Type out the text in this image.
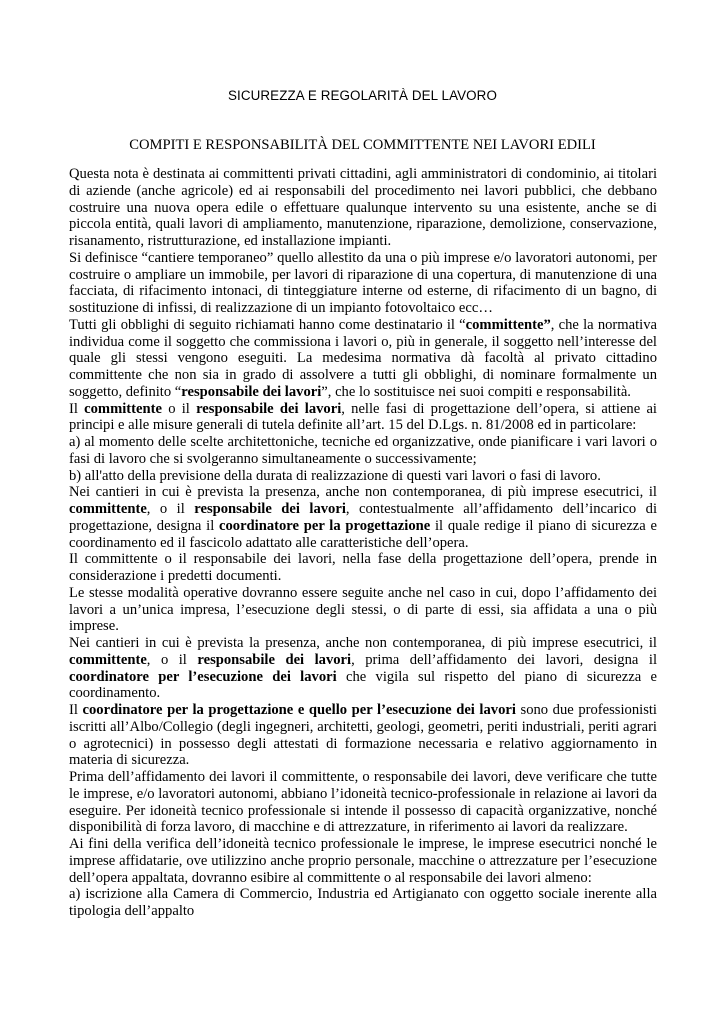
SICUREZZA E REGOLARITÀ DEL LAVORO
COMPITI E RESPONSABILITÀ DEL COMMITTENTE NEI LAVORI EDILI

Questa nota è destinata ai committenti privati cittadini, agli amministratori di condominio, ai titolari di aziende (anche agricole) ed ai responsabili del procedimento nei lavori pubblici, che debbano costruire una nuova opera edile o effettuare qualunque intervento su una esistente, anche se di piccola entità, quali lavori di ampliamento, manutenzione, riparazione, demolizione, conservazione, risanamento, ristrutturazione, ed installazione impianti.

Si definisce “cantiere temporaneo” quello allestito da una o più imprese e/o lavoratori autonomi, per costruire o ampliare un immobile, per lavori di riparazione di una copertura, di manutenzione di una facciata, di rifacimento intonaci, di tinteggiature interne od esterne, di rifacimento di un bagno, di sostituzione di infissi, di realizzazione di un impianto fotovoltaico ecc…

Tutti gli obblighi di seguito richiamati hanno come destinatario il “committente”, che la normativa individua come il soggetto che commissiona i lavori o, più in generale, il soggetto nell’interesse del quale gli stessi vengono eseguiti. La medesima normativa dà facoltà al privato cittadino committente che non sia in grado di assolvere a tutti gli obblighi, di nominare formalmente un soggetto, definito “responsabile dei lavori”, che lo sostituisce nei suoi compiti e responsabilità.

Il committente o il responsabile dei lavori, nelle fasi di progettazione dell’opera, si attiene ai principi e alle misure generali di tutela definite all’art. 15 del D.Lgs. n. 81/2008 ed in particolare:

a) al momento delle scelte architettoniche, tecniche ed organizzative, onde pianificare i vari lavori o fasi di lavoro che si svolgeranno simultaneamente o successivamente;

b) all'atto della previsione della durata di realizzazione di questi vari lavori o fasi di lavoro.

Nei cantieri in cui è prevista la presenza, anche non contemporanea, di più imprese esecutrici, il committente, o il responsabile dei lavori, contestualmente all’affidamento dell’incarico di progettazione, designa il coordinatore per la progettazione il quale redige il piano di sicurezza e coordinamento ed il fascicolo adattato alle caratteristiche dell’opera.

Il committente o il responsabile dei lavori, nella fase della progettazione dell’opera, prende in considerazione i predetti documenti.

Le stesse modalità operative dovranno essere seguite anche nel caso in cui, dopo l’affidamento dei lavori a un’unica impresa, l’esecuzione degli stessi, o di parte di essi, sia affidata a una o più imprese.

Nei cantieri in cui è prevista la presenza, anche non contemporanea, di più imprese esecutrici, il committente, o il responsabile dei lavori, prima dell’affidamento dei lavori, designa il coordinatore per l’esecuzione dei lavori che vigila sul rispetto del piano di sicurezza e coordinamento.

Il coordinatore per la progettazione e quello per l’esecuzione dei lavori sono due professionisti iscritti all’Albo/Collegio (degli ingegneri, architetti, geologi, geometri, periti industriali, periti agrari o agrotecnici) in possesso degli attestati di formazione necessaria e relativo aggiornamento in materia di sicurezza.

Prima dell’affidamento dei lavori il committente, o responsabile dei lavori, deve verificare che tutte le imprese, e/o lavoratori autonomi, abbiano l’idoneità tecnico-professionale in relazione ai lavori da eseguire. Per idoneità tecnico professionale si intende il possesso di capacità organizzative, nonché disponibilità di forza lavoro, di macchine e di attrezzature, in riferimento ai lavori da realizzare.

Ai fini della verifica dell’idoneità tecnico professionale le imprese, le imprese esecutrici nonché le imprese affidatarie, ove utilizzino anche proprio personale, macchine o attrezzature per l’esecuzione dell’opera appaltata, dovranno esibire al committente o al responsabile dei lavori almeno:

a) iscrizione alla Camera di Commercio, Industria ed Artigianato con oggetto sociale inerente alla tipologia dell’appalto
